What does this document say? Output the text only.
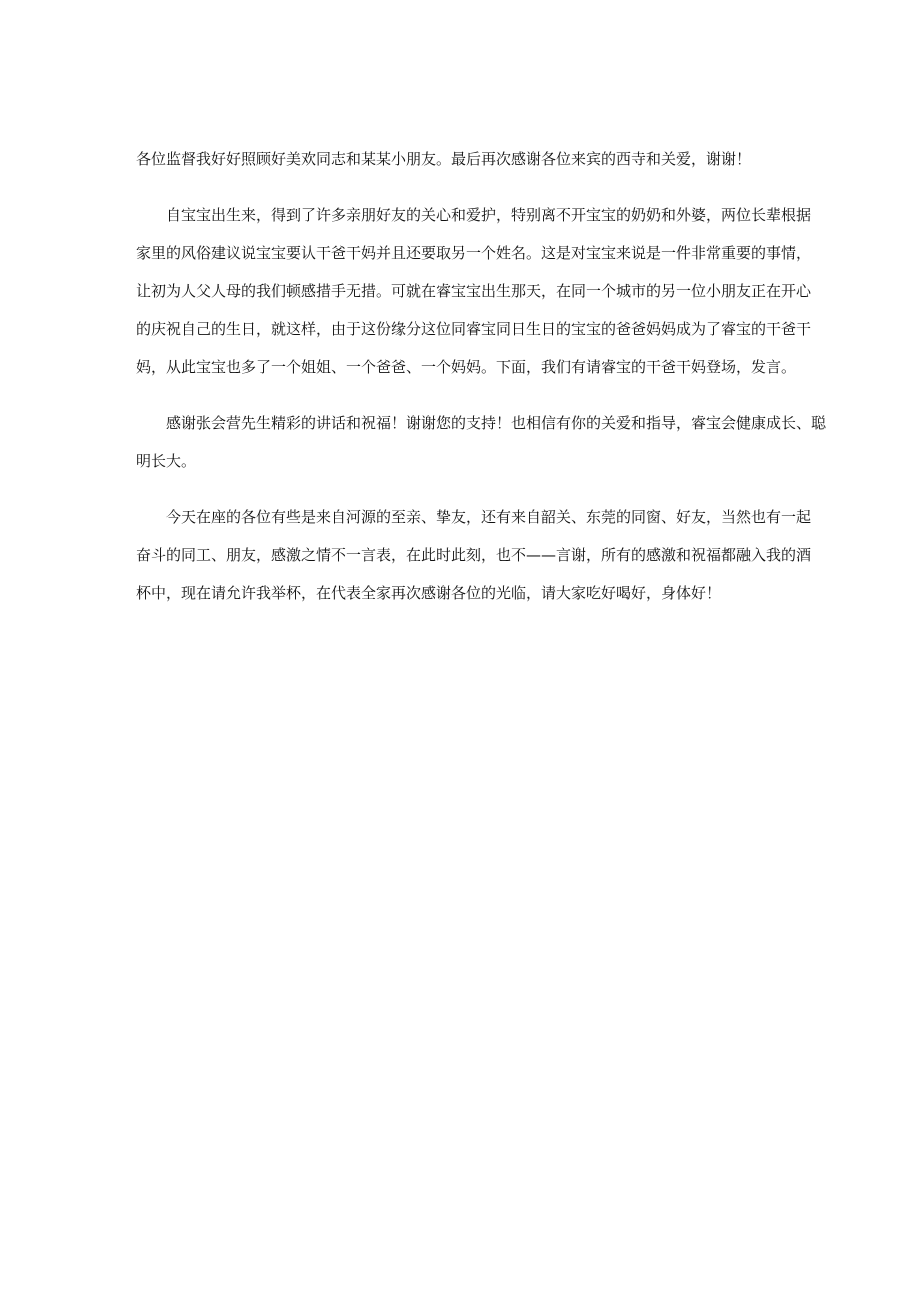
各位监督我好好照顾好美欢同志和某某小朋友。最后再次感谢各位来宾的西寺和关爱，谢谢！
自宝宝出生来，得到了许多亲朋好友的关心和爱护，特别离不开宝宝的奶奶和外婆，两位长辈根据
家里的风俗建议说宝宝要认干爸干妈并且还要取另一个姓名。这是对宝宝来说是一件非常重要的事情，
让初为人父人母的我们顿感措手无措。可就在睿宝宝出生那天，在同一个城市的另一位小朋友正在开心
的庆祝自己的生日，就这样，由于这份缘分这位同睿宝同日生日的宝宝的爸爸妈妈成为了睿宝的干爸干
妈，从此宝宝也多了一个姐姐、一个爸爸、一个妈妈。下面，我们有请睿宝的干爸干妈登场，发言。
感谢张会营先生精彩的讲话和祝福！谢谢您的支持！也相信有你的关爱和指导，睿宝会健康成长、聪
明长大。
今天在座的各位有些是来自河源的至亲、挚友，还有来自韶关、东莞的同窗、好友，当然也有一起
奋斗的同工、朋友，感激之情不一言表，在此时此刻，也不——言谢，所有的感激和祝福都融入我的酒
杯中，现在请允许我举杯，在代表全家再次感谢各位的光临，请大家吃好喝好，身体好！
